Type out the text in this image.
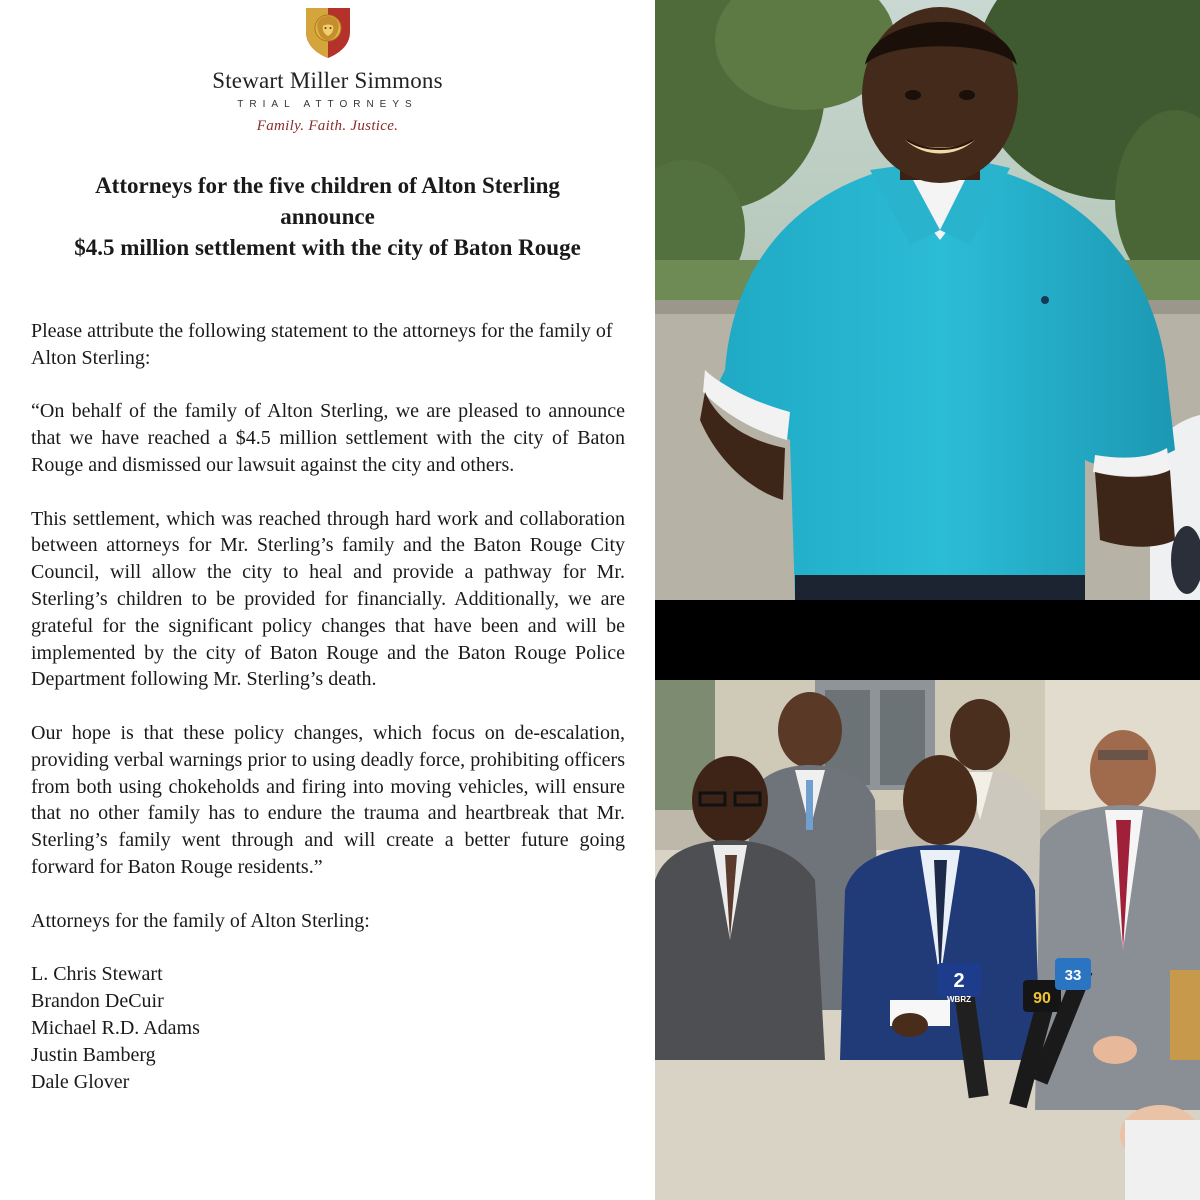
Stewart Miller Simmons
TRIAL ATTORNEYS
Family. Faith. Justice.
Attorneys for the five children of Alton Sterling
announce
$4.5 million settlement with the city of Baton Rouge

Please attribute the following statement to the attorneys for the family of Alton Sterling:

“On behalf of the family of Alton Sterling, we are pleased to announce that we have reached a $4.5 million settlement with the city of Baton Rouge and dismissed our lawsuit against the city and others.

This settlement, which was reached through hard work and collaboration between attorneys for Mr. Sterling’s family and the Baton Rouge City Council, will allow the city to heal and provide a pathway for Mr. Sterling’s children to be provided for financially. Additionally, we are grateful for the significant policy changes that have been and will be implemented by the city of Baton Rouge and the Baton Rouge Police Department following Mr. Sterling’s death.

Our hope is that these policy changes, which focus on de-escalation, providing verbal warnings prior to using deadly force, prohibiting officers from both using chokeholds and firing into moving vehicles, will ensure that no other family has to endure the trauma and heartbreak that Mr. Sterling’s family went through and will create a better future going forward for Baton Rouge residents.”

Attorneys for the family of Alton Sterling:

L. Chris Stewart
Brandon DeCuir
Michael R.D. Adams
Justin Bamberg
Dale Glover
2
WBRZ	90
33
